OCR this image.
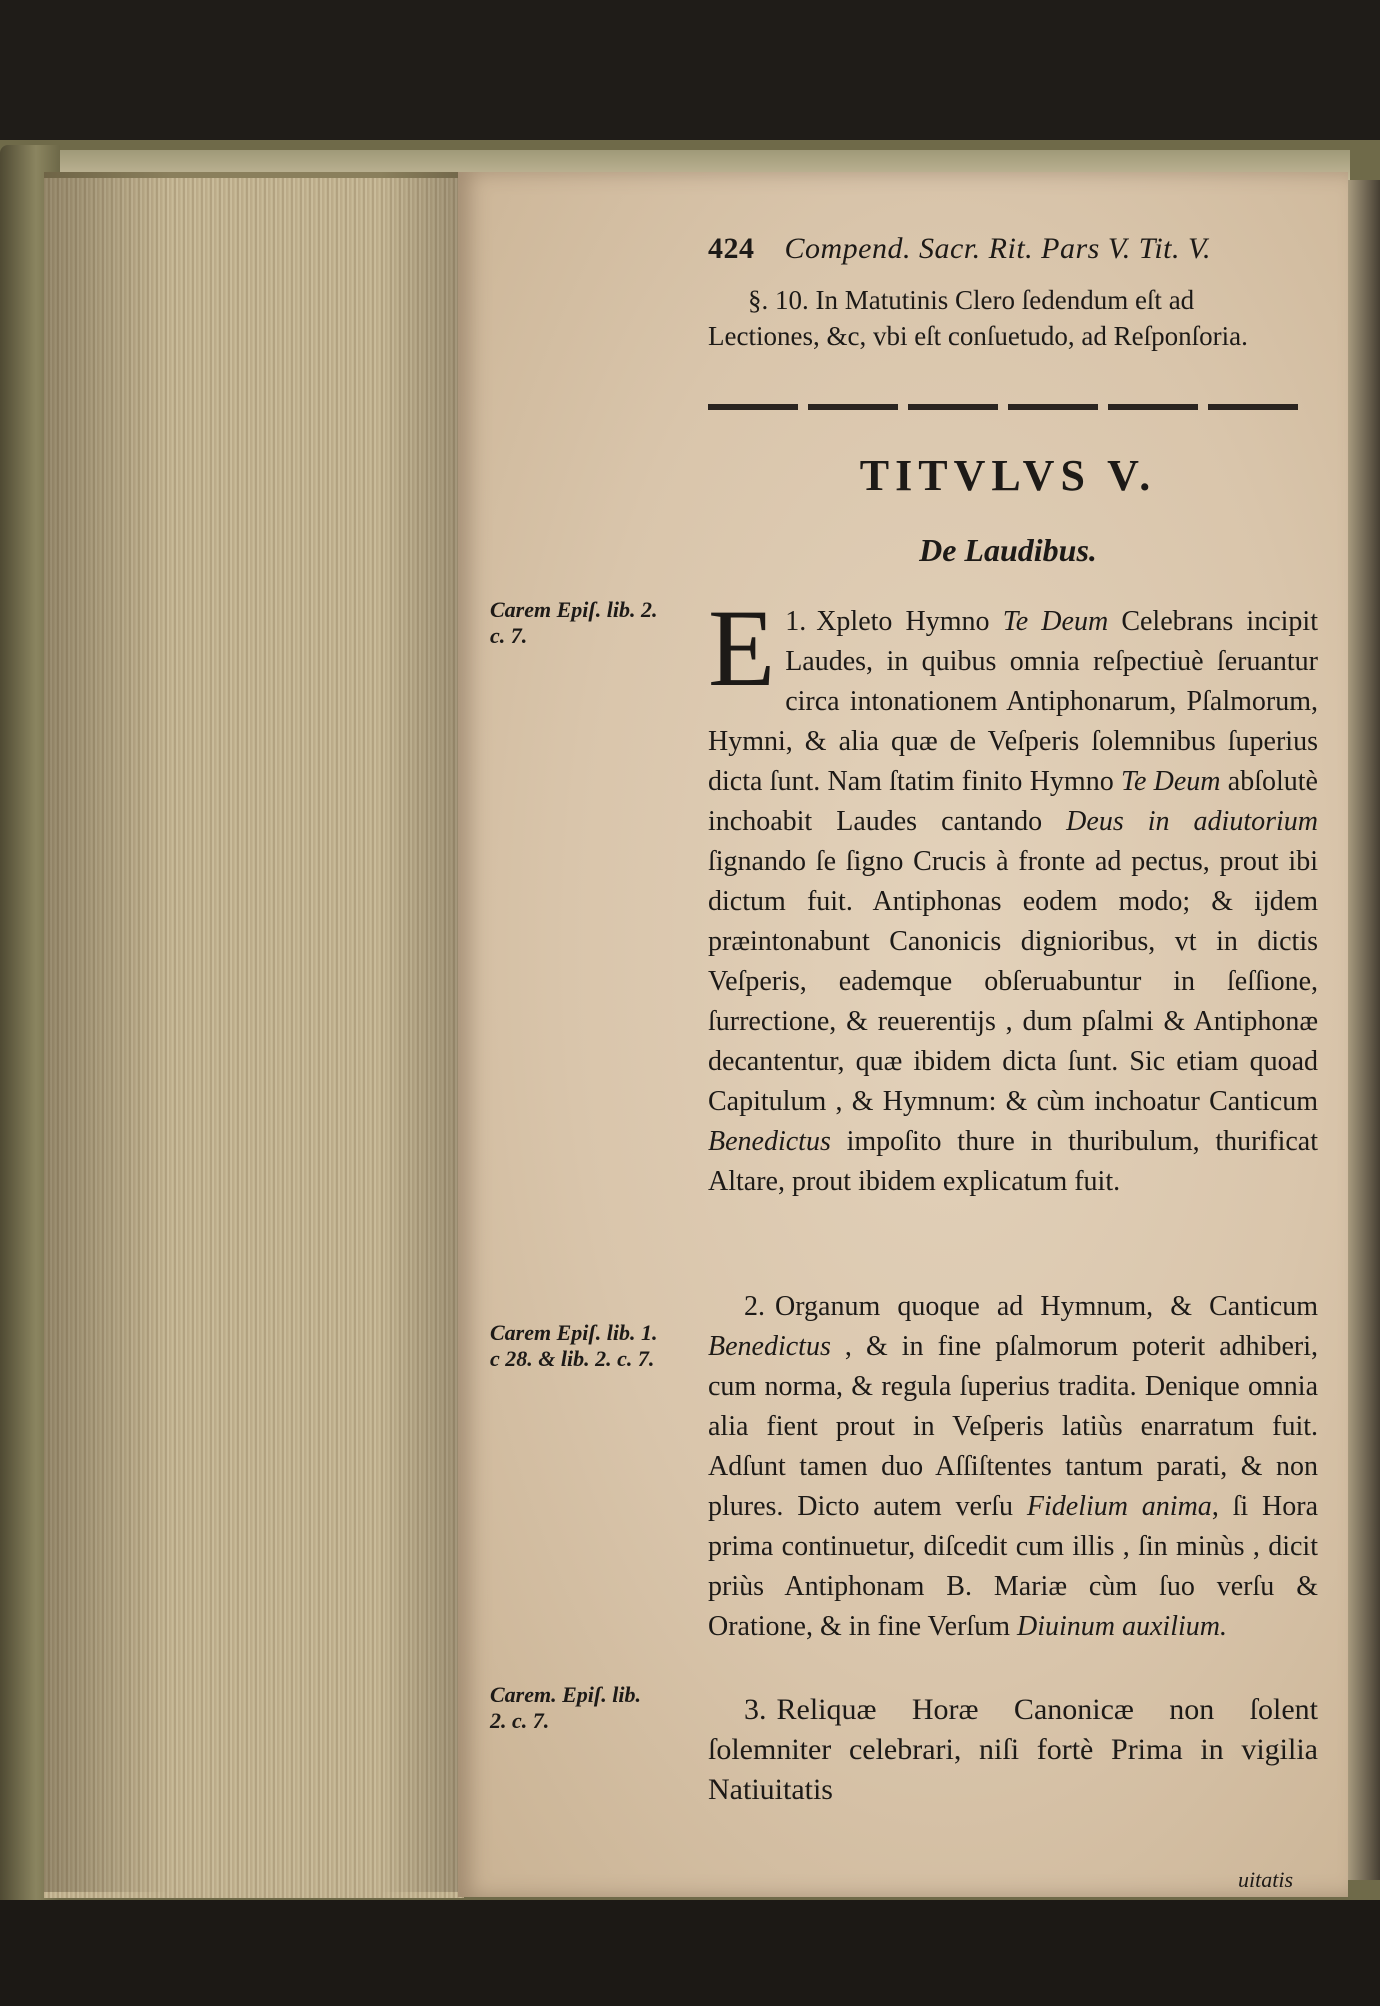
424 Compend. Sacr. Rit. Pars V. Tit. V.
§. 10. In Matutinis Clero ſedendum eſt ad Lectiones, &c, vbi eſt conſuetudo, ad Reſponſoria.
TITVLVS V.
De Laudibus.
Carem Epiſ. lib. 2. c. 7.
Carem Epiſ. lib. 1. c 28. & lib. 2. c. 7.
Carem. Epiſ. lib. 2. c. 7.

1.
E Xpleto Hymno Te Deum Celebrans incipit Laudes, in quibus omnia reſpectiuè ſeruantur circa intonationem Antiphonarum, Pſalmorum, Hymni, & alia quæ de Veſperis ſolemnibus ſuperius dicta ſunt. Nam ſtatim finito Hymno Te Deum abſolutè inchoabit Laudes cantando Deus in adiutorium ſignando ſe ſigno Crucis à fronte ad pectus, prout ibi dictum fuit. Antiphonas eodem modo; & ijdem præintonabunt Canonicis dignioribus, vt in dictis Veſperis, eademque obſeruabuntur in ſeſſione, ſurrectione, & reuerentijs , dum pſalmi & Antiphonæ decantentur, quæ ibidem dicta ſunt. Sic etiam quoad Capitulum , & Hymnum: & cùm inchoatur Canticum Benedictus impoſito thure in thuribulum, thurificat Altare, prout ibidem explicatum fuit.

2. Organum quoque ad Hymnum, & Canticum Benedictus , & in fine pſalmorum poterit adhiberi, cum norma, & regula ſuperius tradita. Denique omnia alia fient prout in Veſperis latiùs enarratum fuit. Adſunt tamen duo Aſſiſtentes tantum parati, & non plures. Dicto autem verſu Fidelium anima, ſi Hora prima continuetur, diſcedit cum illis , ſin minùs , dicit priùs Antiphonam B. Mariæ cùm ſuo verſu & Oratione, & in fine Verſum Diuinum auxilium.

3. Reliquæ Horæ Canonicæ non ſolent ſolemniter celebrari, niſi fortè Prima in vigilia Natiuitatis

uitatis
